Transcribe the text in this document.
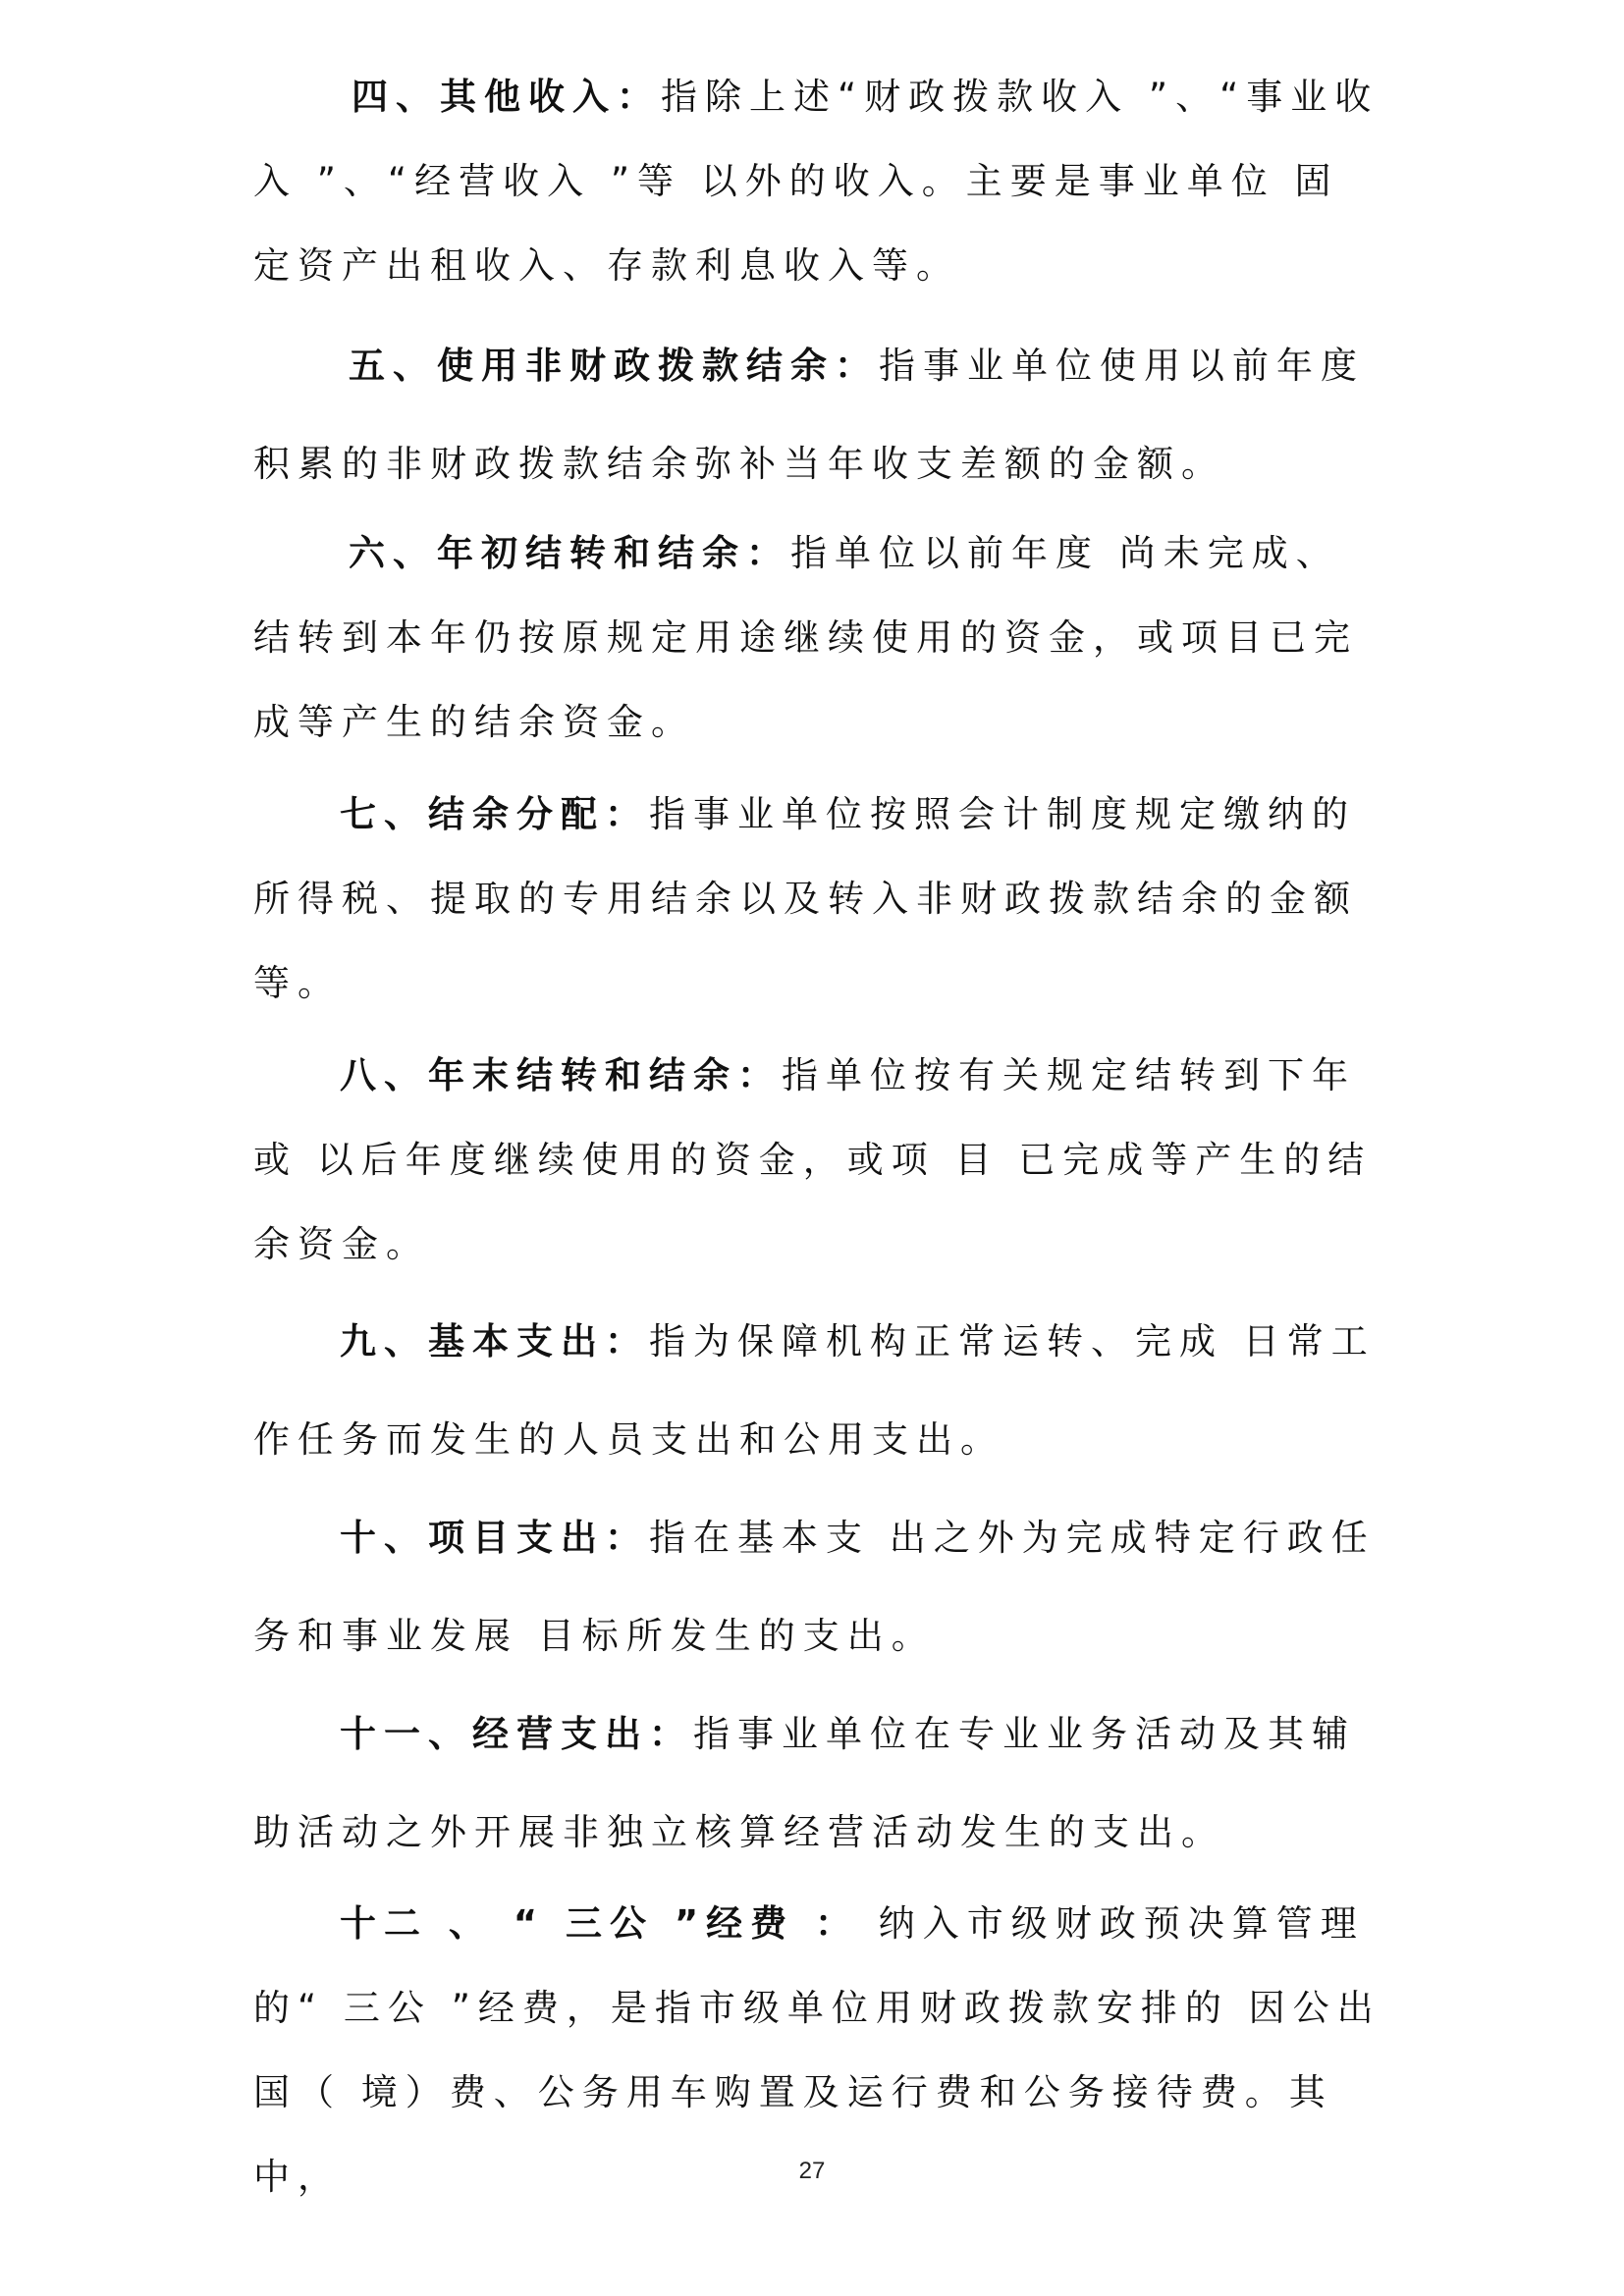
四、其他收入：指除上述“财政拨款收入 ”、“事业收入 ”、“经营收入 ”等 以外的收入。主要是事业单位 固定资产出租收入、存款利息收入等。

五、使用非财政拨款结余：指事业单位使用以前年度积累的非财政拨款结余弥补当年收支差额的金额。

六、年初结转和结余：指单位以前年度 尚未完成、结转到本年仍按原规定用途继续使用的资金，或项目已完成等产生的结余资金。

七、结余分配：指事业单位按照会计制度规定缴纳的所得税、提取的专用结余以及转入非财政拨款结余的金额等。

八、年末结转和结余：指单位按有关规定结转到下年或 以后年度继续使用的资金，或项 目 已完成等产生的结余资金。

九、基本支出：指为保障机构正常运转、完成 日常工作任务而发生的人员支出和公用支出。

十、项目支出：指在基本支 出之外为完成特定行政任务和事业发展 目标所发生的支出。

十一、经营支出：指事业单位在专业业务活动及其辅助活动之外开展非独立核算经营活动发生的支出。

十二 、 “ 三公 ”经费 ： 纳入市级财政预决算管理的“ 三公 ”经费，是指市级单位用财政拨款安排的 因公出国（ 境）费、公务用车购置及运行费和公务接待费。其中，	27
